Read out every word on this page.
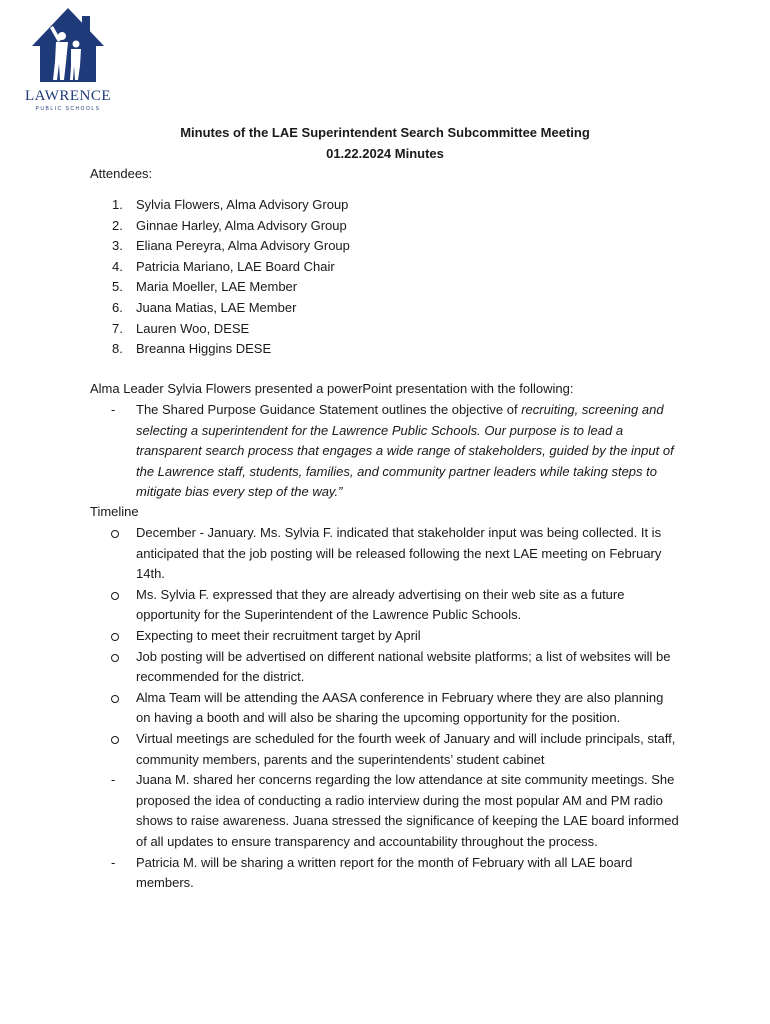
LAWRENCE
PUBLIC SCHOOLS
Minutes of the LAE Superintendent Search Subcommittee Meeting
01.22.2024 Minutes
Attendees:
1. Sylvia Flowers, Alma Advisory Group
2. Ginnae Harley, Alma Advisory Group
3. Eliana Pereyra, Alma Advisory Group
4. Patricia Mariano, LAE Board Chair
5. Maria Moeller, LAE Member
6. Juana Matias, LAE Member
7. Lauren Woo, DESE
8. Breanna Higgins DESE
Alma Leader Sylvia Flowers presented a powerPoint presentation with the following:
- The Shared Purpose Guidance Statement outlines the objective of recruiting, screening and selecting a superintendent for the Lawrence Public Schools. Our purpose is to lead a transparent search process that engages a wide range of stakeholders, guided by the input of the Lawrence staff, students, families, and community partner leaders while taking steps to mitigate bias every step of the way.”
Timeline
December - January. Ms. Sylvia F. indicated that stakeholder input was being collected. It is anticipated that the job posting will be released following the next LAE meeting on February 14th.
Ms. Sylvia F. expressed that they are already advertising on their web site as a future opportunity for the Superintendent of the Lawrence Public Schools.
Expecting to meet their recruitment target by April
Job posting will be advertised on different national website platforms; a list of websites will be recommended for the district.
Alma Team will be attending the AASA conference in February where they are also planning on having a booth and will also be sharing the upcoming opportunity for the position.
Virtual meetings are scheduled for the fourth week of January and will include principals, staff, community members, parents and the superintendents’ student cabinet
- Juana M. shared her concerns regarding the low attendance at site community meetings. She proposed the idea of conducting a radio interview during the most popular AM and PM radio shows to raise awareness. Juana stressed the significance of keeping the LAE board informed of all updates to ensure transparency and accountability throughout the process.
- Patricia M. will be sharing a written report for the month of February with all LAE board members.
